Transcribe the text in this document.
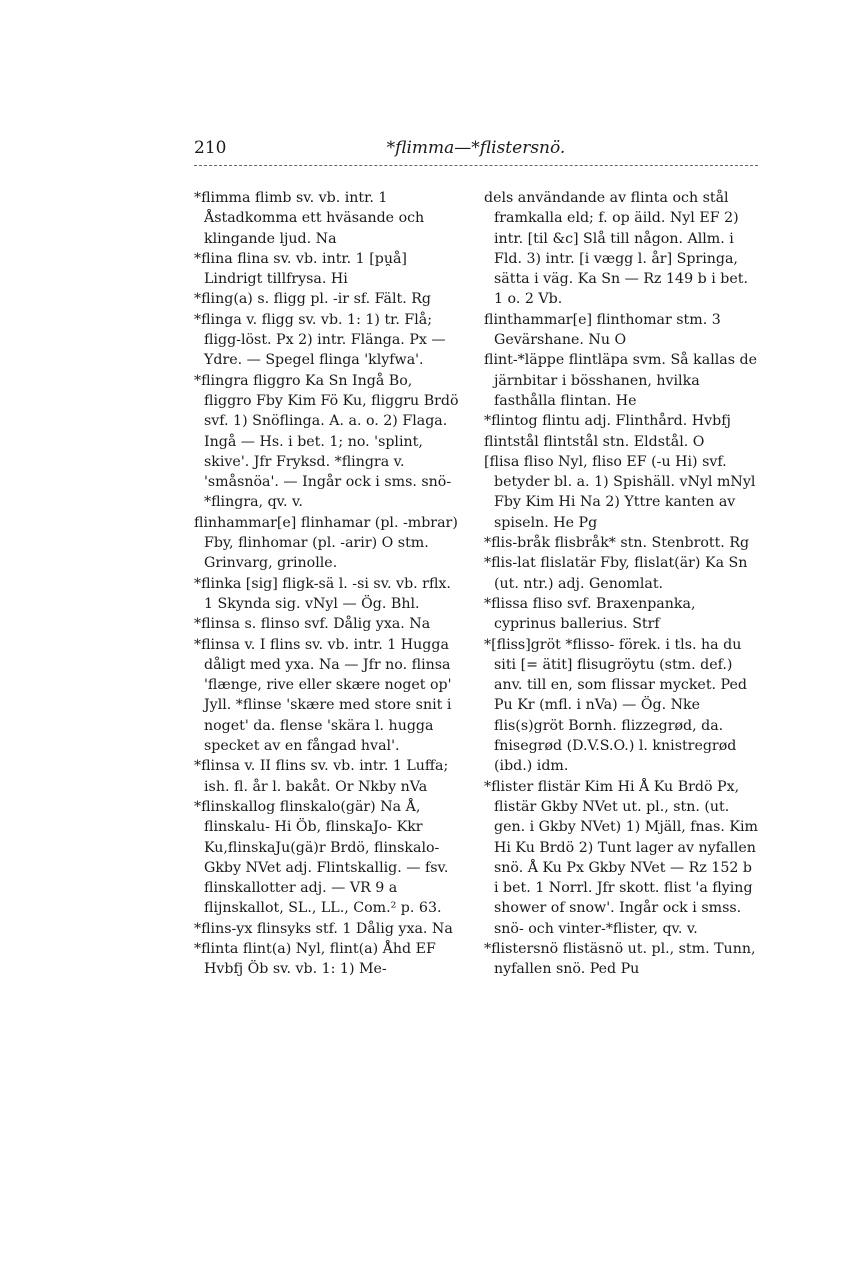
210	*flimma—*flistersnö.

*flimma flimb sv. vb. intr. 1 Åstadkomma ett hväsande och klingande ljud. Na

*flina flina sv. vb. intr. 1 [pu̯å] Lindrigt tillfrysa. Hi

*fling(a) s. fligg pl. -ir sf. Fält. Rg

*flinga v. fligg sv. vb. 1: 1) tr. Flå; fligg-löst. Px 2) intr. Flänga. Px — Ydre. — Spegel flinga 'klyfwa'.

*flingra fliggro Ka Sn Ingå Bo, fliggro Fby Kim Fö Ku, fliggru Brdö svf. 1) Snöflinga. A. a. o. 2) Flaga. Ingå — Hs. i bet. 1; no. 'splint, skive'. Jfr Fryksd. *flingra v. 'småsnöa'. — Ingår ock i sms. snö-*flingra, qv. v.

flinhammar[e] flinhamar (pl. -mbrar) Fby, flinhomar (pl. -arir) O stm. Grinvarg, grinolle.

*flinka [sig] fligk-sä l. -si sv. vb. rflx. 1 Skynda sig. vNyl — Ög. Bhl.

*flinsa s. flinso svf. Dålig yxa. Na

*flinsa v. I flins sv. vb. intr. 1 Hugga dåligt med yxa. Na — Jfr no. flinsa 'flænge, rive eller skære noget op' Jyll. *flinse 'skære med store snit i noget' da. flense 'skära l. hugga specket av en fångad hval'.

*flinsa v. II flins sv. vb. intr. 1 Luffa; ish. fl. år l. bakåt. Or Nkby nVa

*flinskallog flinskalo(gär) Na Å, flinskalu- Hi Öb, flinskaJo- Kkr Ku,flinskaJu(gä)r Brdö, flinskalo-Gkby NVet adj. Flintskallig. — fsv. flinskallotter adj. — VR 9 a flijnskallot, SL., LL., Com.² p. 63.

*flins-yx flinsyks stf. 1 Dålig yxa. Na

*flinta flint(a) Nyl, flint(a) Åhd EF Hvbfj Öb sv. vb. 1: 1) Me-

dels användande av flinta och stål framkalla eld; f. op äild. Nyl EF 2) intr. [til &c] Slå till någon. Allm. i Fld. 3) intr. [i vægg l. år] Springa, sätta i väg. Ka Sn — Rz 149 b i bet. 1 o. 2 Vb.

flinthammar[e] flinthomar stm. 3 Gevärshane. Nu O

flint-*läppe flintläpa svm. Så kallas de järnbitar i bösshanen, hvilka fasthålla flintan. He

*flintog flintu adj. Flinthård. Hvbfj

flintstål flintstål stn. Eldstål. O

[flisa fliso Nyl, fliso EF (-u Hi) svf. betyder bl. a. 1) Spishäll. vNyl mNyl Fby Kim Hi Na 2) Yttre kanten av spiseln. He Pg

*flis-bråk flisbråk* stn. Stenbrott. Rg

*flis-lat flislatär Fby, flislat(är) Ka Sn (ut. ntr.) adj. Genomlat.

*flissa fliso svf. Braxenpanka, cyprinus ballerius. Strf

*[fliss]gröt *flisso- förek. i tls. ha du siti [= ätit] flisugröytu (stm. def.) anv. till en, som flissar mycket. Ped Pu Kr (mfl. i nVa) — Ög. Nke flis(s)gröt Bornh. flizzegrød, da. fnisegrød (D.V.S.O.) l. knistregrød (ibd.) idm.

*flister flistär Kim Hi Å Ku Brdö Px, flistär Gkby NVet ut. pl., stn. (ut. gen. i Gkby NVet) 1) Mjäll, fnas. Kim Hi Ku Brdö 2) Tunt lager av nyfallen snö. Å Ku Px Gkby NVet — Rz 152 b i bet. 1 Norrl. Jfr skott. flist 'a flying shower of snow'. Ingår ock i smss. snö- och vinter-*flister, qv. v.

*flistersnö flistäsnö ut. pl., stm. Tunn, nyfallen snö. Ped Pu
